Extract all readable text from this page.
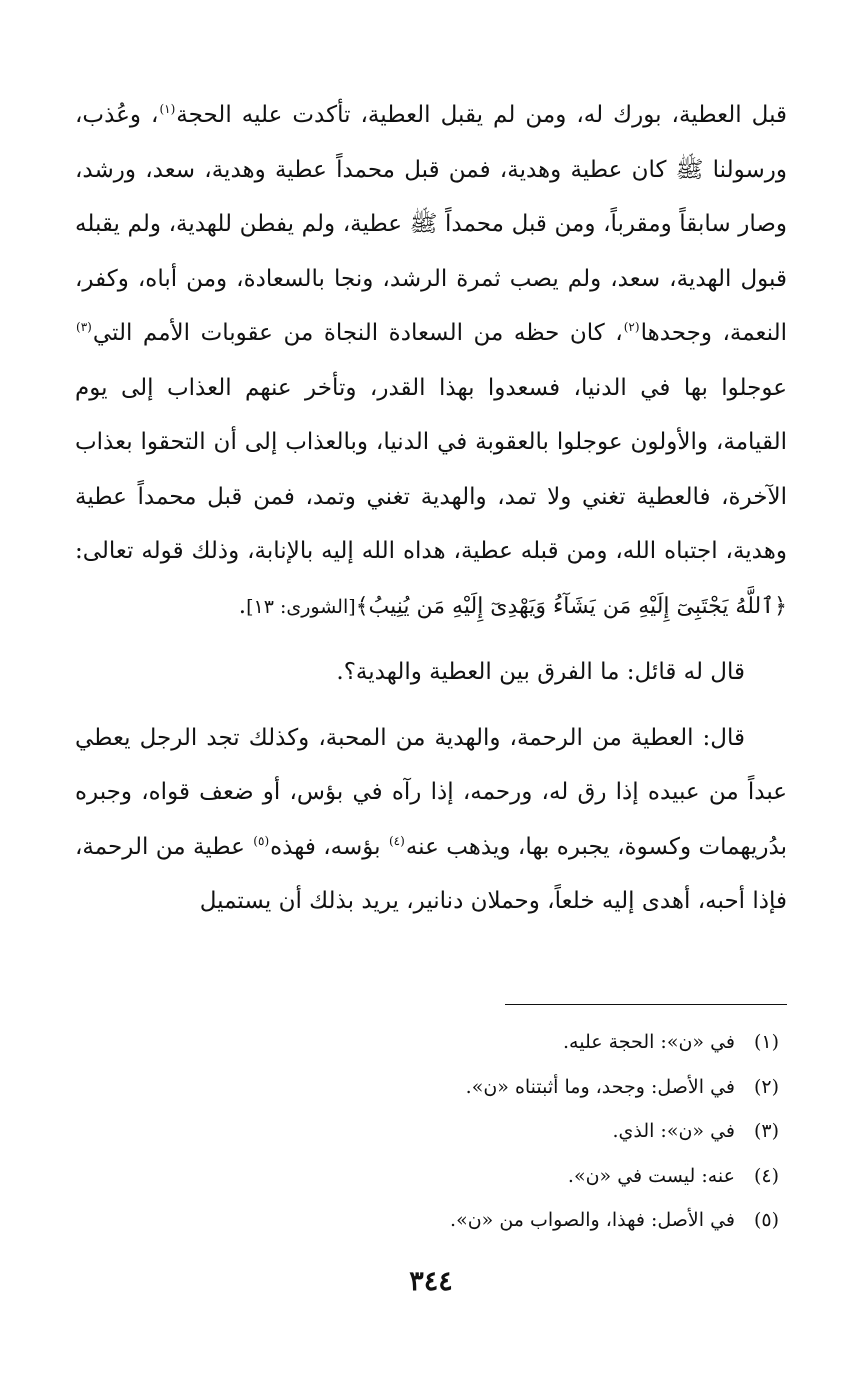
قبل العطية، بورك له، ومن لم يقبل العطية، تأكدت عليه الحجة$^{(١)}$، وعُذب، ورسولنا ﷺ كان عطية وهدية، فمن قبل محمداً عطية وهدية، سعد، ورشد، وصار سابقاً ومقرباً، ومن قبل محمداً ﷺ عطية، ولم يفطن للهدية، ولم يقبله قبول الهدية، سعد، ولم يصب ثمرة الرشد، ونجا بالسعادة، ومن أباه، وكفر، النعمة، وجحدها$^{(٢)}$، كان حظه من السعادة النجاة من عقوبات الأمم التي$^{(٣)}$ عوجلوا بها في الدنيا، فسعدوا بهذا القدر، وتأخر عنهم العذاب إلى يوم القيامة، والأولون عوجلوا بالعقوبة في الدنيا، وبالعذاب إلى أن التحقوا بعذاب الآخرة، فالعطية تغني ولا تمد، والهدية تغني وتمد، فمن قبل محمداً عطية وهدية، اجتباه الله، ومن قبله عطية، هداه الله إليه بالإنابة، وذلك قوله تعالى: ﴿ٱللَّهُ يَجْتَبِىٓ إِلَيْهِ مَن يَشَآءُ وَيَهْدِىٓ إِلَيْهِ مَن يُنِيبُ﴾[الشورى: ١٣].

قال له قائل: ما الفرق بين العطية والهدية؟.

قال: العطية من الرحمة، والهدية من المحبة، وكذلك تجد الرجل يعطي عبداً من عبيده إذا رق له، ورحمه، إذا رآه في بؤس، أو ضعف قواه، وجبره بدُريهمات وكسوة، يجبره بها، ويذهب عنه$^{(٤)}$ بؤسه، فهذه$^{(٥)}$ عطية من الرحمة، فإذا أحبه، أهدى إليه خلعاً، وحملان دنانير، يريد بذلك أن يستميل

(١)
في «ن»: الحجة عليه.
(٢)
في الأصل: وجحد، وما أثبتناه «ن».
(٣)
في «ن»: الذي.
(٤)
عنه: ليست في «ن».
(٥)
في الأصل: فهذا، والصواب من «ن».
٣٤٤
